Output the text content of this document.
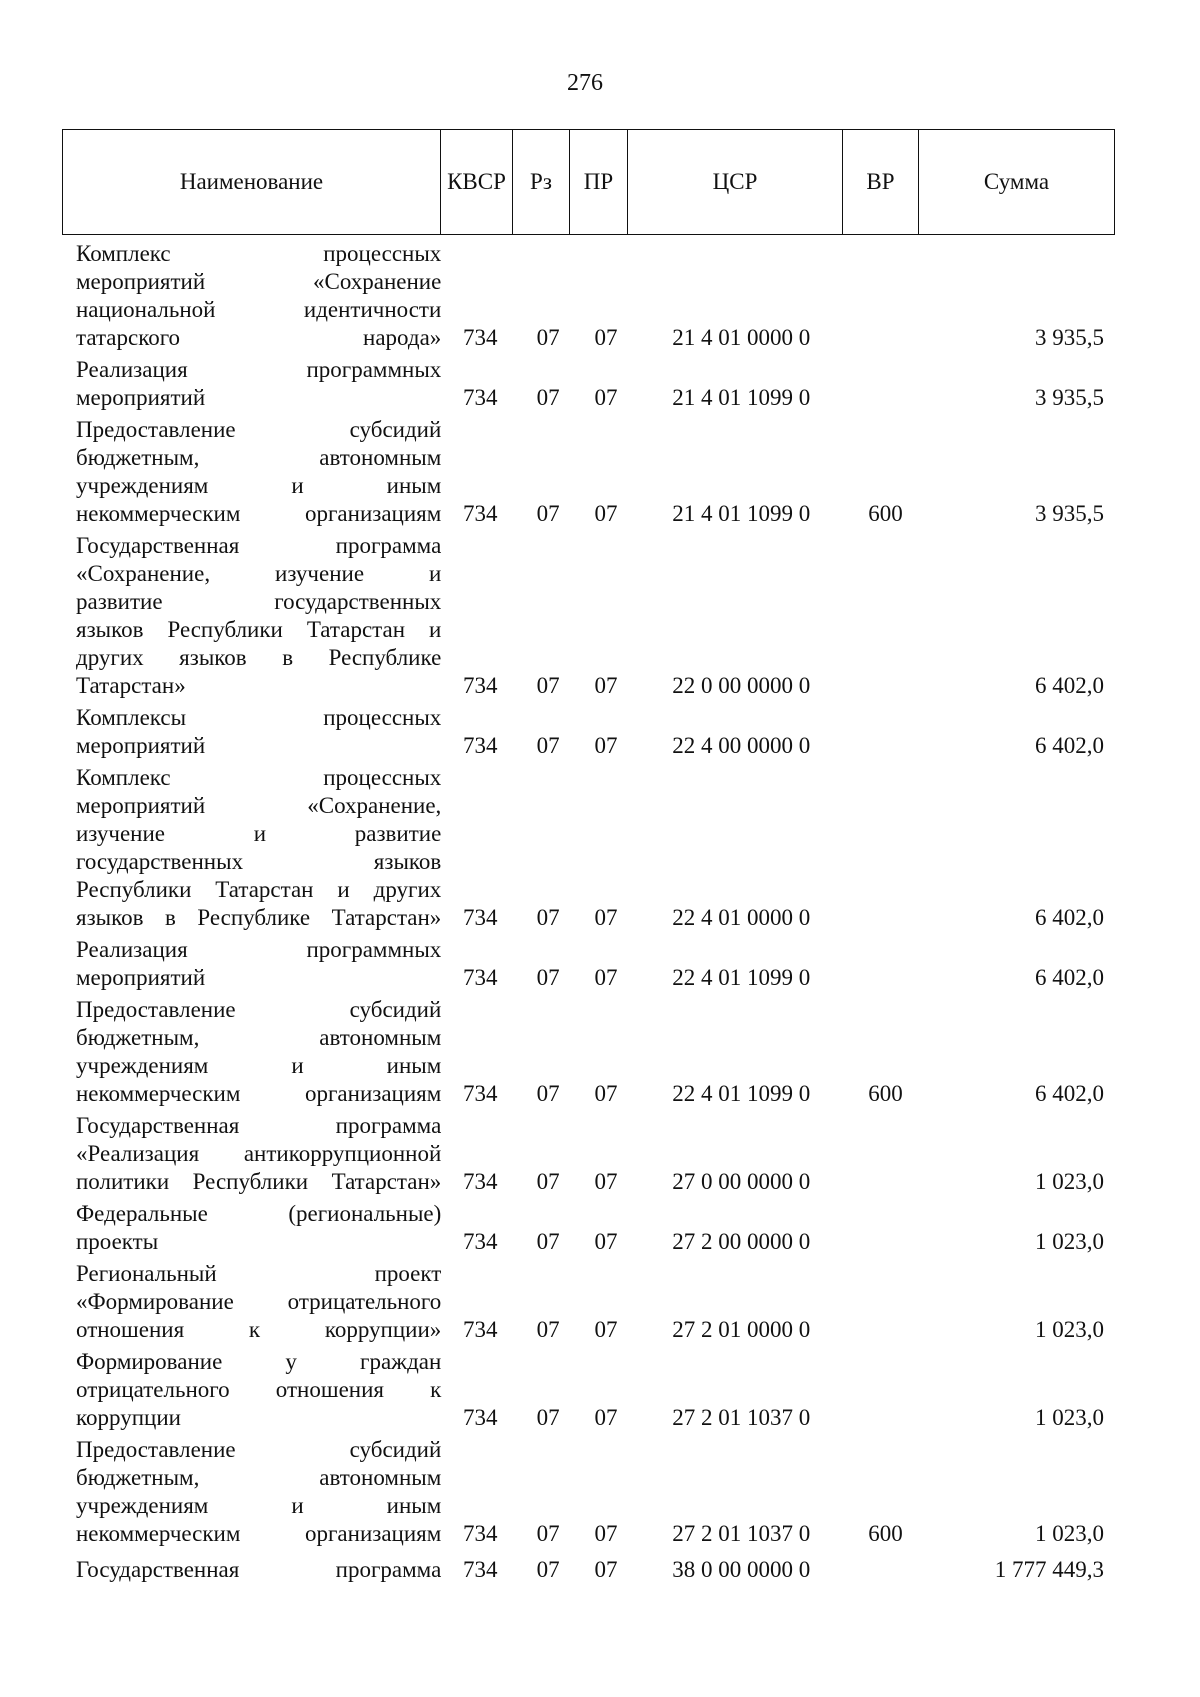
276
Наименование	КВСР	Рз	ПР	ЦСР	ВР	Сумма
Комплекс процессных
мероприятий «Сохранение
национальной идентичности
татарского народа» 734	07	07	21 4 01 0000 0	3 935,5
Реализация программных
мероприятий	734	07	07	21 4 01 1099 0	3 935,5
Предоставление субсидий
бюджетным, автономным
учреждениям и иным
некоммерческим организациям 734	07	07	21 4 01 1099 0	600	3 935,5
Государственная программа
«Сохранение, изучение и
развитие государственных
языков Республики Татарстан и
других языков в Республике
Татарстан»	734	07	07	22 0 00 0000 0	6 402,0
Комплексы процессных
мероприятий	734	07	07	22 4 00 0000 0	6 402,0
Комплекс процессных
мероприятий «Сохранение,
изучение и развитие
государственных языков
Республики Татарстан и других
языков в Республике Татарстан» 734	07	07	22 4 01 0000 0	6 402,0
Реализация программных
мероприятий	734	07	07	22 4 01 1099 0	6 402,0
Предоставление субсидий
бюджетным, автономным
учреждениям и иным
некоммерческим организациям 734	07	07	22 4 01 1099 0	600	6 402,0
Государственная программа
«Реализация антикоррупционной
политики Республики Татарстан» 734	07	07	27 0 00 0000 0	1 023,0
Федеральные (региональные)
проекты	734	07	07	27 2 00 0000 0	1 023,0
Региональный проект
«Формирование отрицательного
отношения к коррупции» 734	07	07	27 2 01 0000 0	1 023,0
Формирование у граждан
отрицательного отношения к
коррупции	734	07	07	27 2 01 1037 0	1 023,0
Предоставление субсидий
бюджетным, автономным
учреждениям и иным
некоммерческим организациям 734	07	07	27 2 01 1037 0	600	1 023,0
Государственная программа 734	07	07	38 0 00 0000 0	1 777 449,3
